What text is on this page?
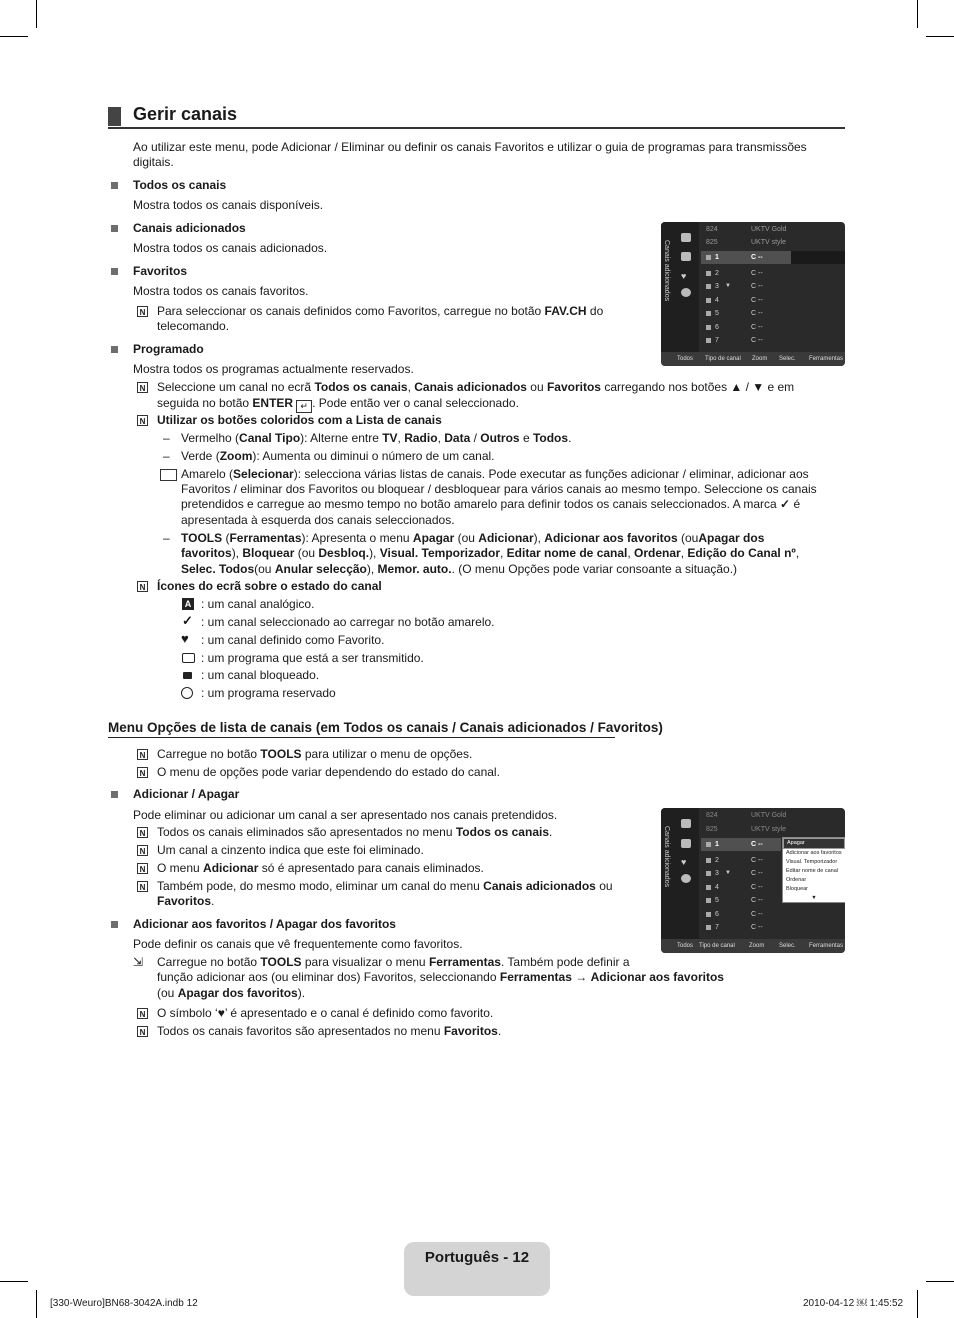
Gerir canais
Ao utilizar este menu, pode Adicionar / Eliminar ou definir os canais Favoritos e utilizar o guia de programas para transmissões
digitais.
Todos os canais
Mostra todos os canais disponíveis.
Canais adicionados
Mostra todos os canais adicionados.
Favoritos
Mostra todos os canais favoritos.
N Para seleccionar os canais definidos como Favoritos, carregue no botão FAV.CH do
telecomando.
Programado
Mostra todos os programas actualmente reservados.
N Seleccione um canal no ecrã Todos os canais, Canais adicionados ou Favoritos carregando nos botões ▲ / ▼ e em
seguida no botão ENTER ↵ . Pode então ver o canal seleccionado.
N Utilizar os botões coloridos com a Lista de canais
– Vermelho (Canal Tipo): Alterne entre TV, Radio, Data / Outros e Todos.
– Verde (Zoom): Aumenta ou diminui o número de um canal.
Amarelo (Selecionar): selecciona várias listas de canais. Pode executar as funções adicionar / eliminar, adicionar aos
Favoritos / eliminar dos Favoritos ou bloquear / desbloquear para vários canais ao mesmo tempo. Seleccione os canais
pretendidos e carregue ao mesmo tempo no botão amarelo para definir todos os canais seleccionados. A marca ✓ é
apresentada à esquerda dos canais seleccionados.
– TOOLS (Ferramentas): Apresenta o menu Apagar (ou Adicionar), Adicionar aos favoritos (ouApagar dos
favoritos), Bloquear (ou Desbloq.), Visual. Temporizador, Editar nome de canal, Ordenar, Edição do Canal nº,
Selec. Todos(ou Anular selecção), Memor. auto.. (O menu Opções pode variar consoante a situação.)
N Ícones do ecrã sobre o estado do canal
A : um canal analógico.
✓ : um canal seleccionado ao carregar no botão amarelo.
♥ : um canal definido como Favorito.
: um programa que está a ser transmitido.
: um canal bloqueado.
: um programa reservado
Menu Opções de lista de canais (em Todos os canais / Canais adicionados / Favoritos)
N Carregue no botão TOOLS para utilizar o menu de opções.
N O menu de opções pode variar dependendo do estado do canal.
Adicionar / Apagar
Pode eliminar ou adicionar um canal a ser apresentado nos canais pretendidos.
N Todos os canais eliminados são apresentados no menu Todos os canais.
N Um canal a cinzento indica que este foi eliminado.
N O menu Adicionar só é apresentado para canais eliminados.
N Também pode, do mesmo modo, eliminar um canal do menu Canais adicionados ou
Favoritos.
Adicionar aos favoritos / Apagar dos favoritos
Pode definir os canais que vê frequentemente como favoritos.
⇲ Carregue no botão TOOLS para visualizar o menu Ferramentas. Também pode definir a
função adicionar aos (ou eliminar dos) Favoritos, seleccionando Ferramentas → Adicionar aos favoritos
(ou Apagar dos favoritos).
N O símbolo ‘♥’ é apresentado e o canal é definido como favorito.
N Todos os canais favoritos são apresentados no menu Favoritos.
Canais adicionados ♥
824	UKTV Gold
825	UKTV style
1	C --
2	C --
3 ▼	C --
4	C --
5	C --
6	C --
7	C --
Todos Tipo de canal Zoom Selec. Ferramentas
Canais adicionados ♥
824	UKTV Gold
825	UKTV style
1	C --
2	C --
3 ▼	C --
4	C --
5	C --
6	C --
7	C --
Apagar
Adicionar aos favoritos
Visual. Temporizador
Editar nome de canal
Ordenar
Bloquear
▼
Todos Tipo de canal Zoom Selec. Ferramentas
Português - 12
[330-Weuro]BN68-3042A.indb 12	2010-04-12 ￼ 1:45:52
